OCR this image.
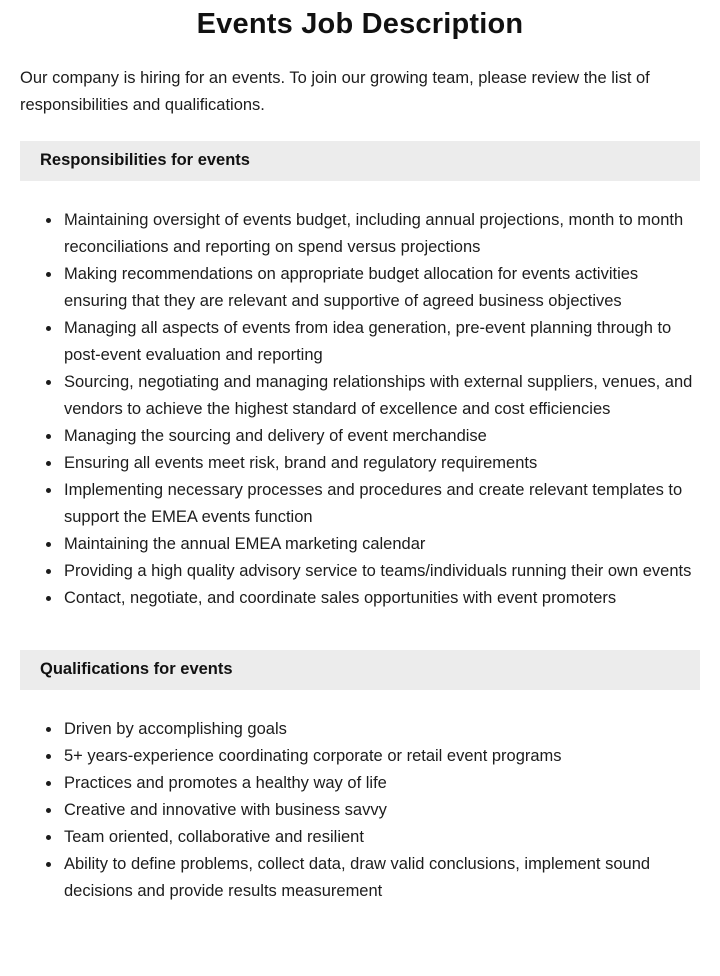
Events Job Description

Our company is hiring for an events. To join our growing team, please review the list of responsibilities and qualifications.

Responsibilities for events
• Maintaining oversight of events budget, including annual projections, month to month reconciliations and reporting on spend versus projections
• Making recommendations on appropriate budget allocation for events activities ensuring that they are relevant and supportive of agreed business objectives
• Managing all aspects of events from idea generation, pre-event planning through to post-event evaluation and reporting
• Sourcing, negotiating and managing relationships with external suppliers, venues, and vendors to achieve the highest standard of excellence and cost efficiencies
• Managing the sourcing and delivery of event merchandise
• Ensuring all events meet risk, brand and regulatory requirements
• Implementing necessary processes and procedures and create relevant templates to support the EMEA events function
• Maintaining the annual EMEA marketing calendar
• Providing a high quality advisory service to teams/individuals running their own events
• Contact, negotiate, and coordinate sales opportunities with event promoters
Qualifications for events
• Driven by accomplishing goals
• 5+ years-experience coordinating corporate or retail event programs
• Practices and promotes a healthy way of life
• Creative and innovative with business savvy
• Team oriented, collaborative and resilient
• Ability to define problems, collect data, draw valid conclusions, implement sound decisions and provide results measurement
